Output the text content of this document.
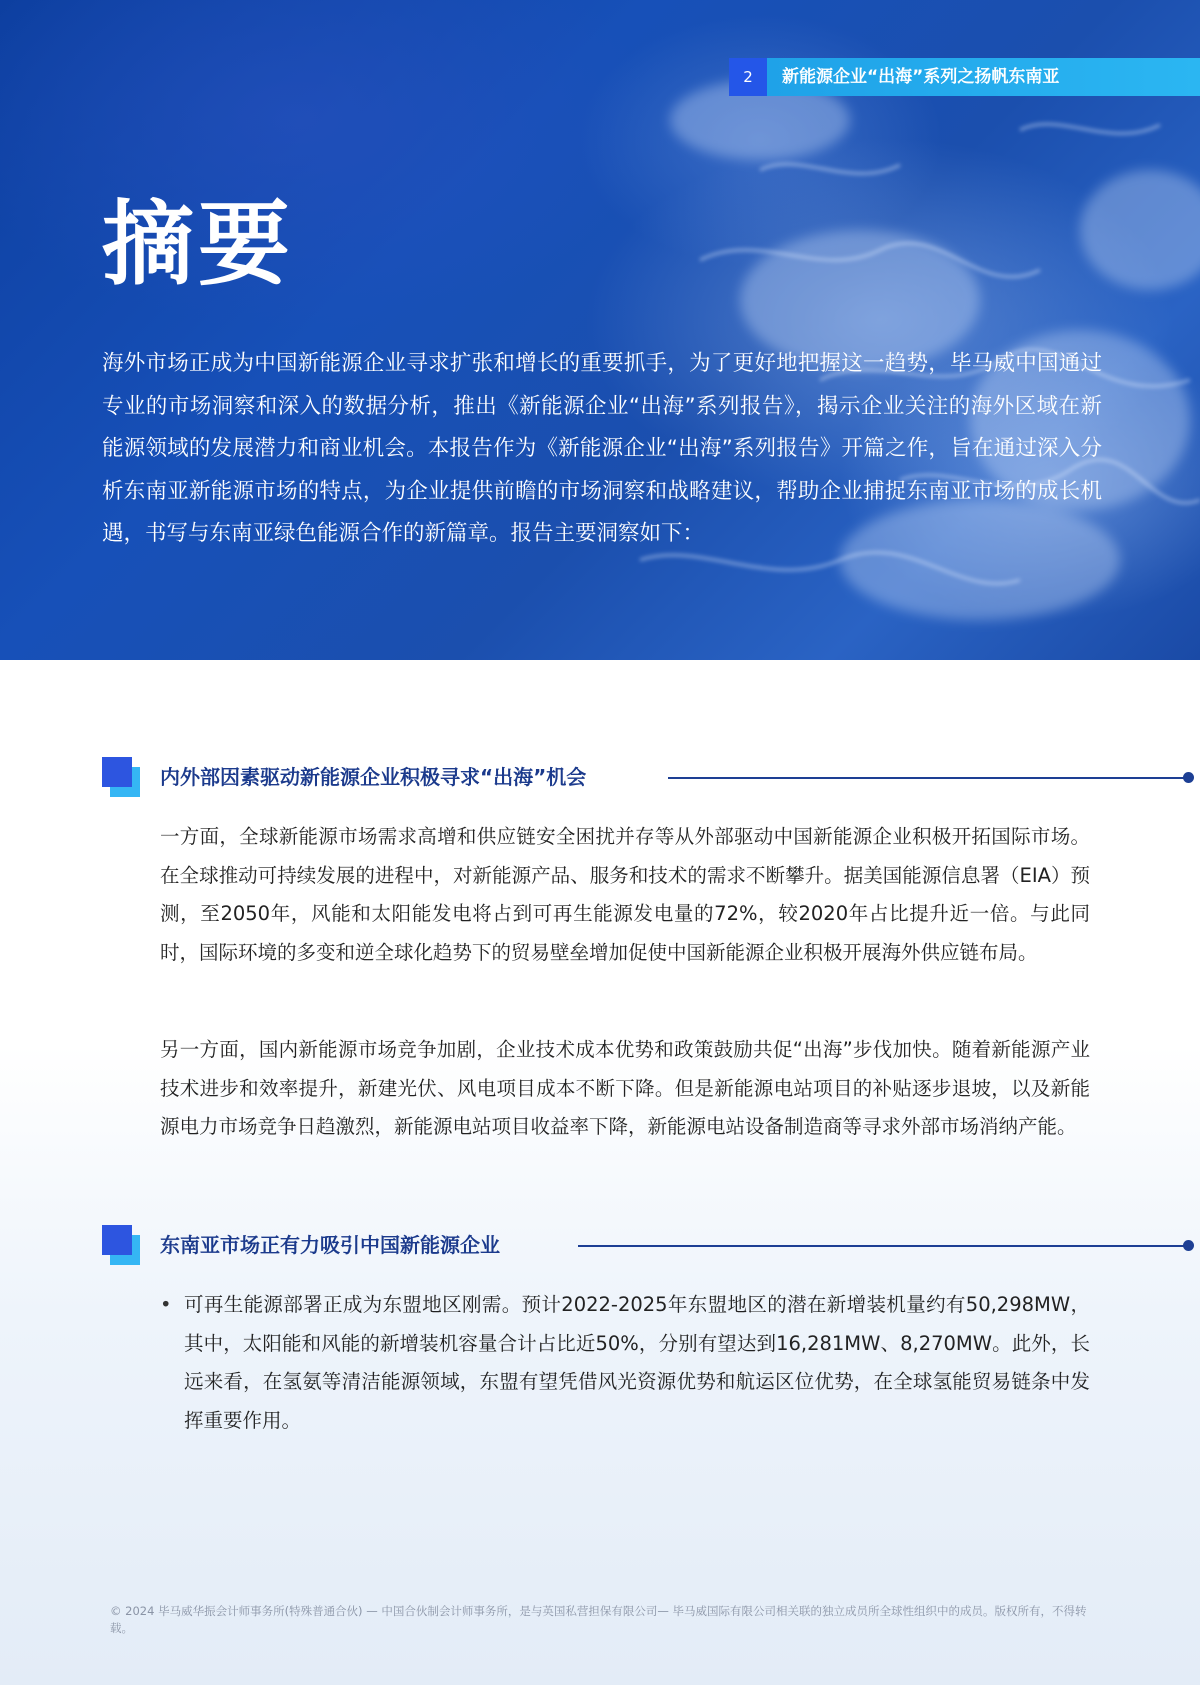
2	新能源企业“出海”系列之扬帆东南亚
摘要

海外市场正成为中国新能源企业寻求扩张和增长的重要抓手，为了更好地把握这一趋势，毕马威中国通过专业的市场洞察和深入的数据分析，推出《新能源企业“出海”系列报告》，揭示企业关注的海外区域在新能源领域的发展潜力和商业机会。本报告作为《新能源企业“出海”系列报告》开篇之作，旨在通过深入分析东南亚新能源市场的特点，为企业提供前瞻的市场洞察和战略建议，帮助企业捕捉东南亚市场的成长机遇，书写与东南亚绿色能源合作的新篇章。报告主要洞察如下：

内外部因素驱动新能源企业积极寻求“出海”机会

一方面，全球新能源市场需求高增和供应链安全困扰并存等从外部驱动中国新能源企业积极开拓国际市场。在全球推动可持续发展的进程中，对新能源产品、服务和技术的需求不断攀升。据美国能源信息署（EIA）预测，至2050年，风能和太阳能发电将占到可再生能源发电量的72%，较2020年占比提升近一倍。与此同时，国际环境的多变和逆全球化趋势下的贸易壁垒增加促使中国新能源企业积极开展海外供应链布局。

另一方面，国内新能源市场竞争加剧，企业技术成本优势和政策鼓励共促“出海”步伐加快。随着新能源产业技术进步和效率提升，新建光伏、风电项目成本不断下降。但是新能源电站项目的补贴逐步退坡，以及新能源电力市场竞争日趋激烈，新能源电站项目收益率下降，新能源电站设备制造商等寻求外部市场消纳产能。

东南亚市场正有力吸引中国新能源企业
• 可再生能源部署正成为东盟地区刚需。预计2022-2025年东盟地区的潜在新增装机量约有50,298MW，其中，太阳能和风能的新增装机容量合计占比近50%，分别有望达到16,281MW、8,270MW。此外，长远来看，在氢氨等清洁能源领域，东盟有望凭借风光资源优势和航运区位优势，在全球氢能贸易链条中发挥重要作用。

© 2024 毕马威华振会计师事务所(特殊普通合伙) — 中国合伙制会计师事务所，是与英国私营担保有限公司— 毕马威国际有限公司相关联的独立成员所全球性组织中的成员。版权所有，不得转载。
